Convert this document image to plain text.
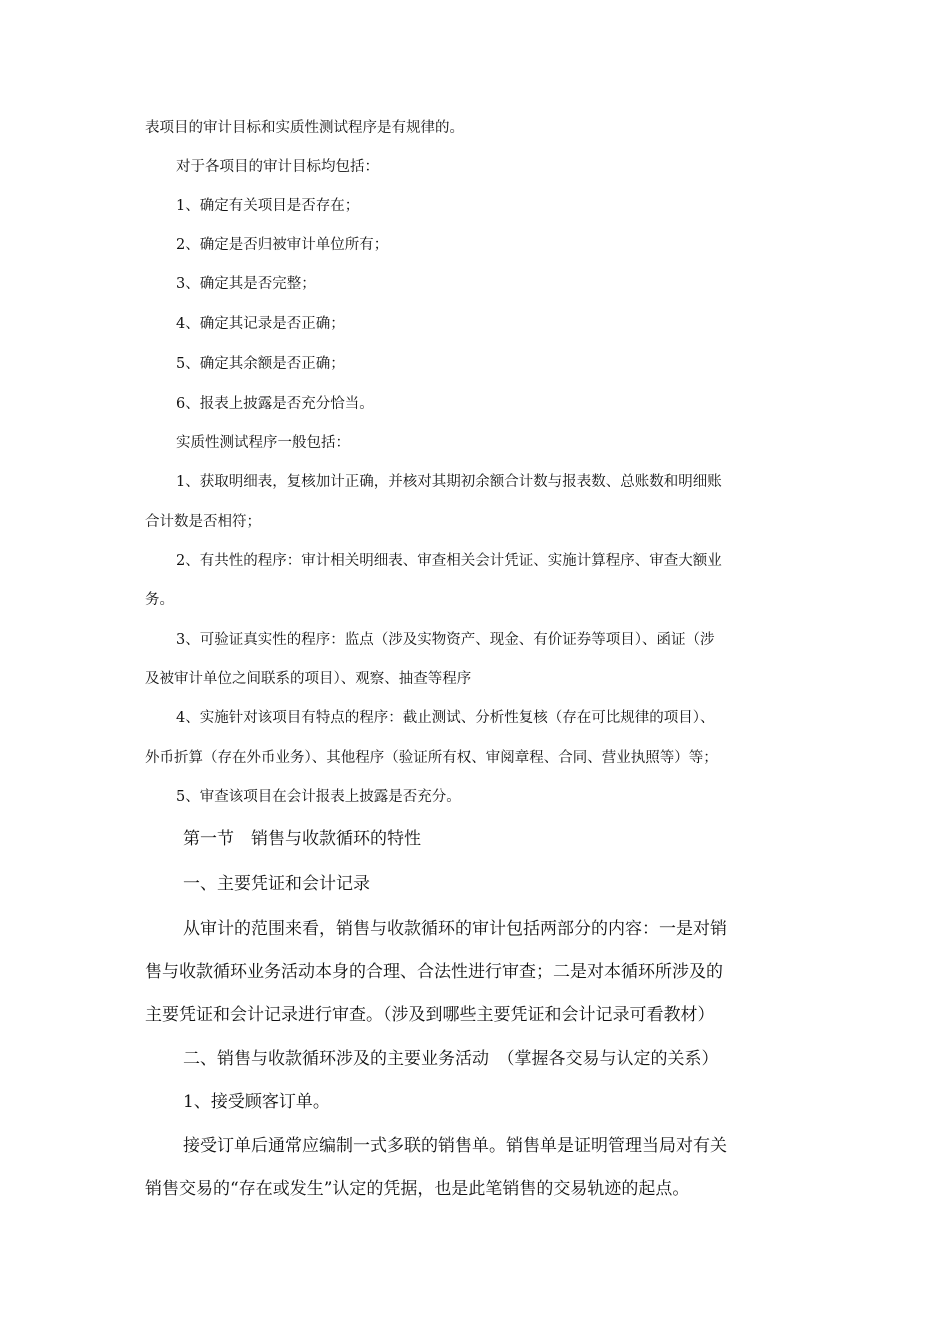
表项目的审计目标和实质性测试程序是有规律的。

对于各项目的审计目标均包括：

1、确定有关项目是否存在；

2、确定是否归被审计单位所有；

3、确定其是否完整；

4、确定其记录是否正确；

5、确定其余额是否正确；

6、报表上披露是否充分恰当。

实质性测试程序一般包括：

1、获取明细表，复核加计正确，并核对其期初余额合计数与报表数、总账数和明细账

合计数是否相符；

2、有共性的程序：审计相关明细表、审查相关会计凭证、实施计算程序、审查大额业

务。

3、可验证真实性的程序：监点（涉及实物资产、现金、有价证券等项目）、函证（涉

及被审计单位之间联系的项目）、观察、抽查等程序

4、实施针对该项目有特点的程序：截止测试、分析性复核（存在可比规律的项目）、

外币折算（存在外币业务）、其他程序（验证所有权、审阅章程、合同、营业执照等）等；

5、审查该项目在会计报表上披露是否充分。

第一节　销售与收款循环的特性

一、主要凭证和会计记录

从审计的范围来看，销售与收款循环的审计包括两部分的内容：一是对销

售与收款循环业务活动本身的合理、合法性进行审查；二是对本循环所涉及的

主要凭证和会计记录进行审查。（涉及到哪些主要凭证和会计记录可看教材）

二、销售与收款循环涉及的主要业务活动　（掌握各交易与认定的关系）

1、接受顾客订单。

接受订单后通常应编制一式多联的销售单。销售单是证明管理当局对有关

销售交易的“存在或发生”认定的凭据，也是此笔销售的交易轨迹的起点。
